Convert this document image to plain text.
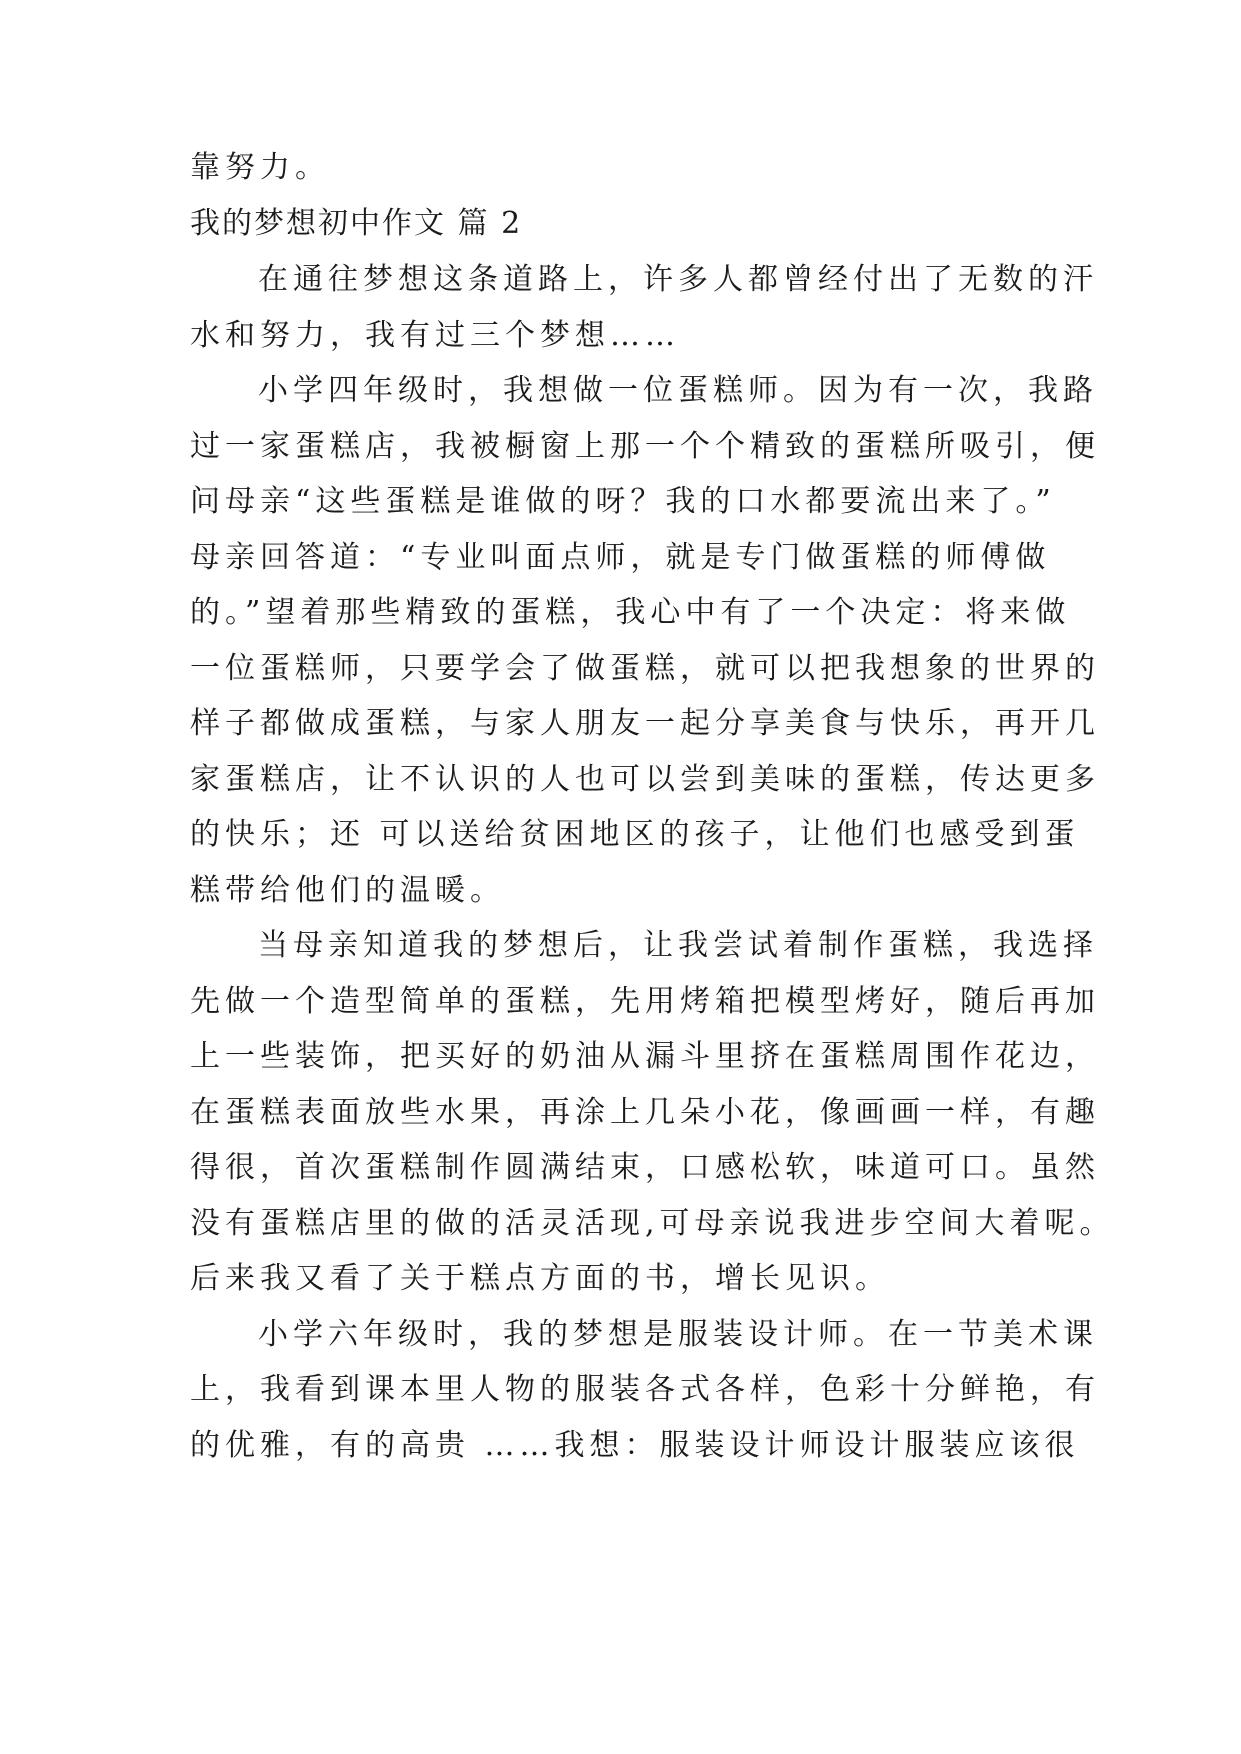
靠努力。
我的梦想初中作文 篇 2
在通往梦想这条道路上，许多人都曾经付出了无数的汗
水和努力，我有过三个梦想……
小学四年级时，我想做一位蛋糕师。因为有一次，我路
过一家蛋糕店，我被橱窗上那一个个精致的蛋糕所吸引，便
问母亲“这些蛋糕是谁做的呀？我的口水都要流出来了。”
母亲回答道：“专业叫面点师，就是专门做蛋糕的师傅做
的。”望着那些精致的蛋糕，我心中有了一个决定：将来做
一位蛋糕师，只要学会了做蛋糕，就可以把我想象的世界的
样子都做成蛋糕，与家人朋友一起分享美食与快乐，再开几
家蛋糕店，让不认识的人也可以尝到美味的蛋糕，传达更多
的快乐；还 可以送给贫困地区的孩子，让他们也感受到蛋
糕带给他们的温暖。
当母亲知道我的梦想后，让我尝试着制作蛋糕，我选择
先做一个造型简单的蛋糕，先用烤箱把模型烤好，随后再加
上一些装饰，把买好的奶油从漏斗里挤在蛋糕周围作花边，
在蛋糕表面放些水果，再涂上几朵小花，像画画一样，有趣
得很，首次蛋糕制作圆满结束，口感松软，味道可口。虽然
没有蛋糕店里的做的活灵活现,可母亲说我进步空间大着呢。
后来我又看了关于糕点方面的书，增长见识。
小学六年级时，我的梦想是服装设计师。在一节美术课
上，我看到课本里人物的服装各式各样，色彩十分鲜艳，有
的优雅，有的高贵 ……我想：服装设计师设计服装应该很
